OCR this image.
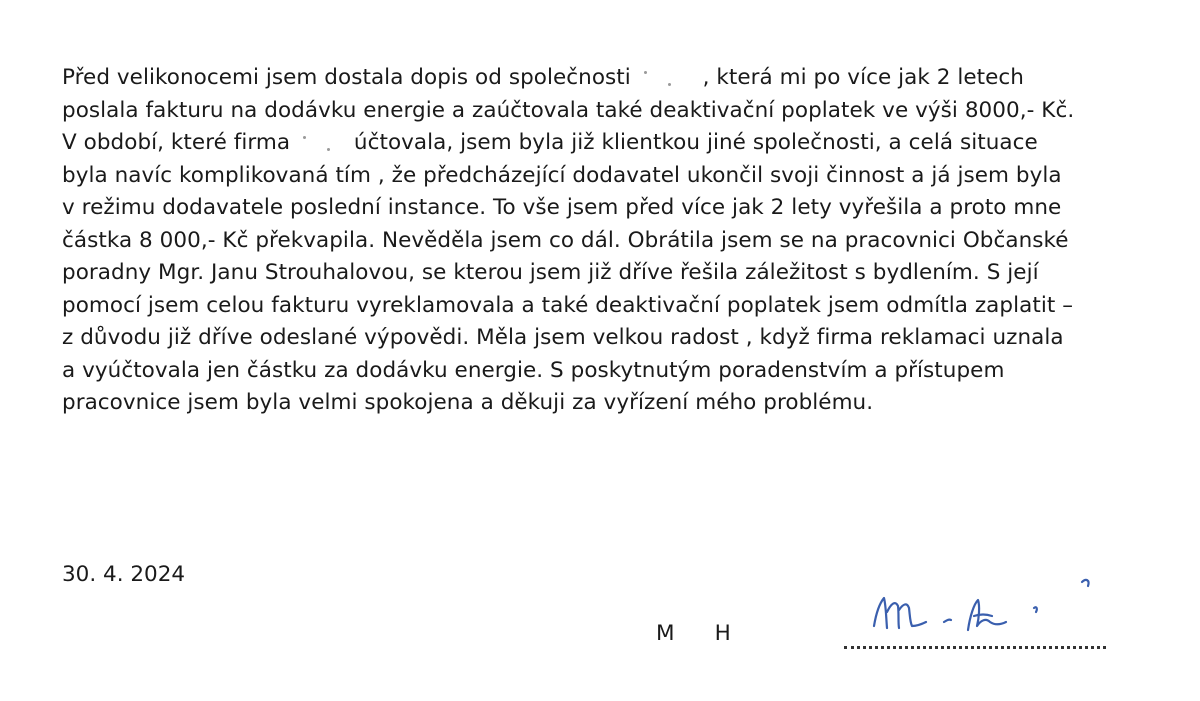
Před velikonocemi jsem dostala dopis od společnosti	, která mi po více jak 2 letech
poslala fakturu na dodávku energie a zaúčtovala také deaktivační poplatek ve výši 8000,- Kč.
V období, které firma  účtovala, jsem byla již klientkou jiné společnosti, a celá situace
byla navíc komplikovaná tím , že předcházející dodavatel ukončil svoji činnost a já jsem byla
v režimu dodavatele poslední instance. To vše jsem před více jak 2 lety vyřešila a proto mne
částka 8 000,- Kč překvapila. Nevěděla jsem co dál. Obrátila jsem se na pracovnici Občanské
poradny Mgr. Janu Strouhalovou, se kterou jsem již dříve řešila záležitost s bydlením. S její
pomocí jsem celou fakturu vyreklamovala a také deaktivační poplatek jsem odmítla zaplatit –
z důvodu již dříve odeslané výpovědi. Měla jsem velkou radost , když firma reklamaci uznala
a vyúčtovala jen částku za dodávku energie. S poskytnutým poradenstvím a přístupem
pracovnice jsem byla velmi spokojena a děkuji za vyřízení mého problému.
30. 4. 2024
M H
